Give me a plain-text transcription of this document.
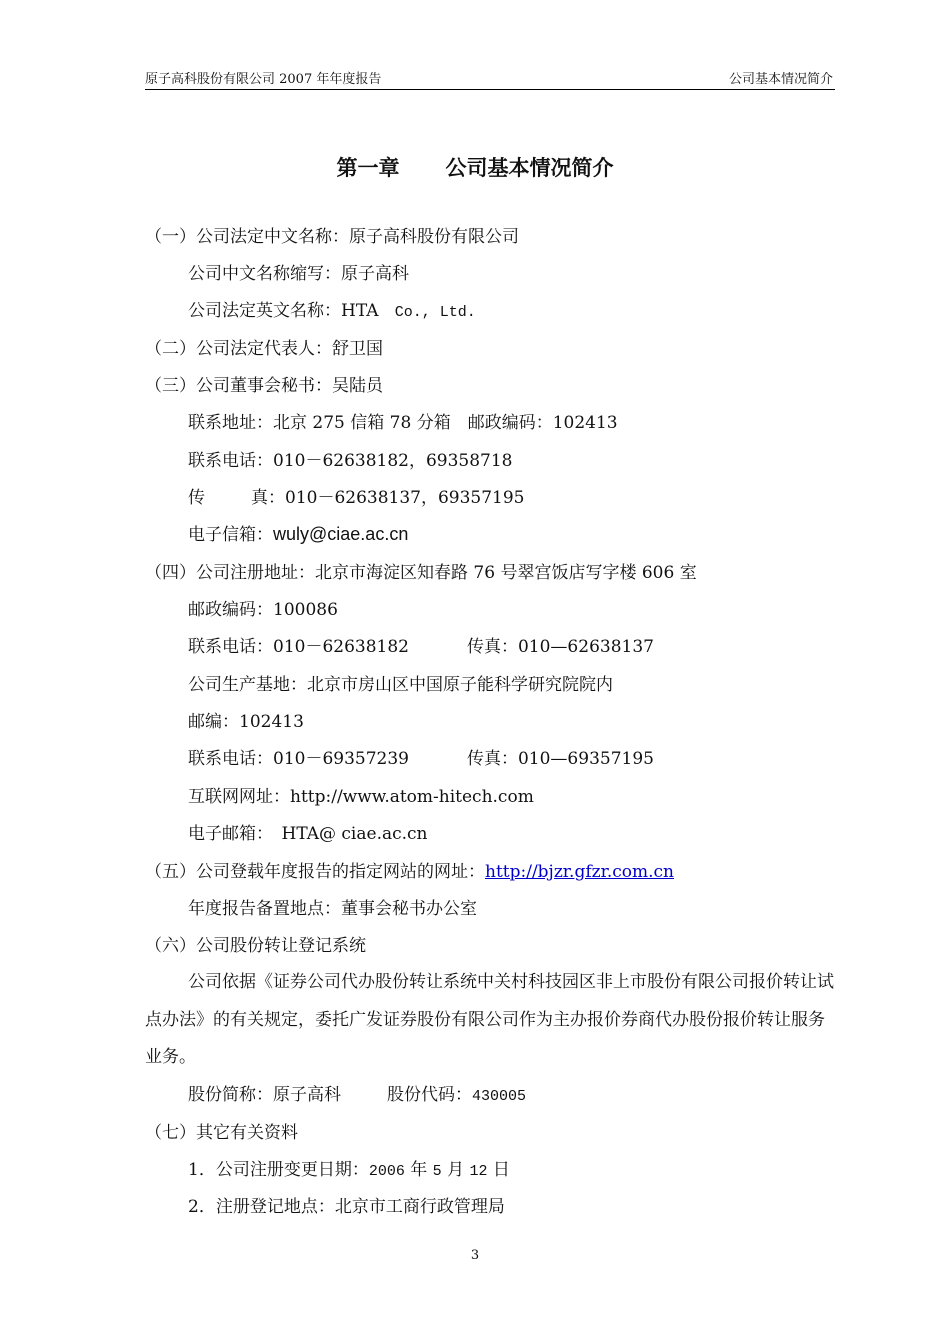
原子高科股份有限公司 2007 年年度报告	公司基本情况简介
第一章 公司基本情况简介
（一）公司法定中文名称：原子高科股份有限公司
公司中文名称缩写：原子高科
公司法定英文名称：HTA Co., Ltd.
（二）公司法定代表人：舒卫国
（三）公司董事会秘书：吴陆员
联系地址：北京 275 信箱 78 分箱　邮政编码：102413
联系电话：010－62638182，69358718
传	真：010－62638137，69357195
电子信箱：wuly@ciae.ac.cn
（四）公司注册地址：北京市海淀区知春路 76 号翠宫饭店写字楼 606 室
邮政编码：100086
联系电话：010－62638182	传真：010—62638137
公司生产基地：北京市房山区中国原子能科学研究院院内
邮编：102413
联系电话：010－69357239	传真：010—69357195
互联网网址：http://www.atom-hitech.com
电子邮箱：　HTA@ ciae.ac.cn
（五）公司登载年度报告的指定网站的网址：http://bjzr.gfzr.com.cn
年度报告备置地点：董事会秘书办公室
（六）公司股份转让登记系统
公司依据《证券公司代办股份转让系统中关村科技园区非上市股份有限公司报价转让试点办法》的有关规定，委托广发证券股份有限公司作为主办报价券商代办股份报价转让服务业务。
股份简称：原子高科	股份代码：430005
（七）其它有关资料
1．公司注册变更日期：2006 年 5 月 12 日
2．注册登记地点：北京市工商行政管理局
3
